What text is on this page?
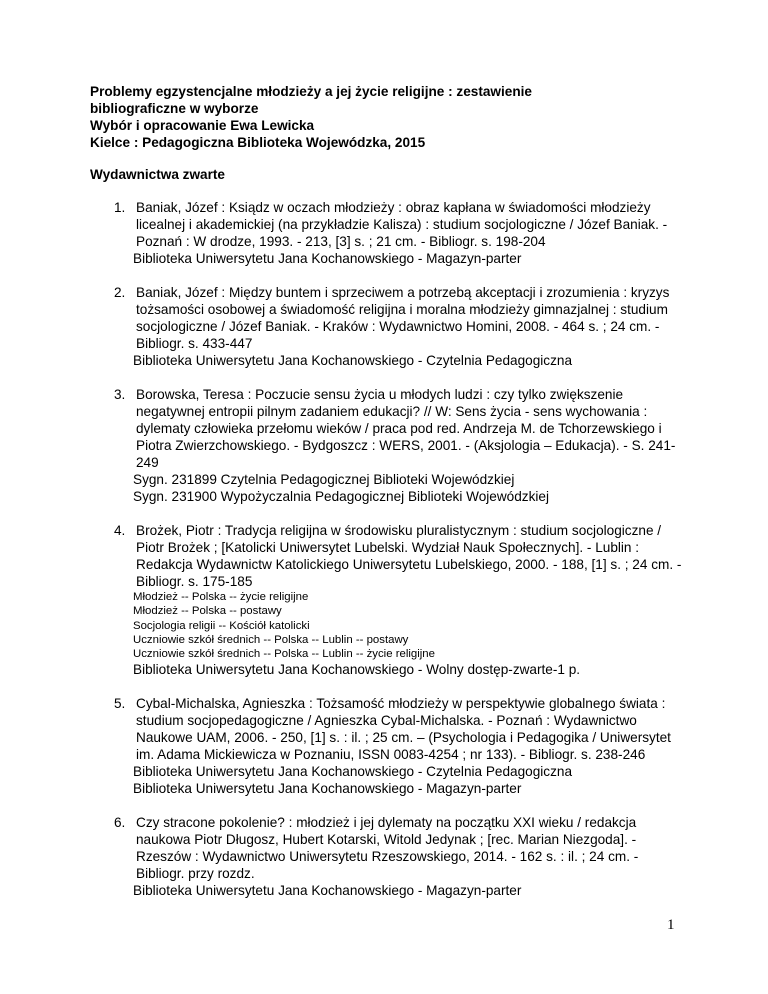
Problemy egzystencjalne młodzieży a jej życie religijne : zestawienie
bibliograficzne w wyborze
Wybór i opracowanie Ewa Lewicka
Kielce : Pedagogiczna Biblioteka Wojewódzka, 2015
Wydawnictwa zwarte
1. Baniak, Józef : Ksiądz w oczach młodzieży : obraz kapłana w świadomości młodzieży licealnej i akademickiej (na przykładzie Kalisza) : studium socjologiczne / Józef Baniak. - Poznań : W drodze, 1993. - 213, [3] s. ; 21 cm. - Bibliogr. s. 198-204
Biblioteka Uniwersytetu Jana Kochanowskiego - Magazyn-parter
2. Baniak, Józef : Między buntem i sprzeciwem a potrzebą akceptacji i zrozumienia : kryzys tożsamości osobowej a świadomość religijna i moralna młodzieży gimnazjalnej : studium socjologiczne / Józef Baniak. - Kraków : Wydawnictwo Homini, 2008. - 464 s. ; 24 cm. - Bibliogr. s. 433-447
Biblioteka Uniwersytetu Jana Kochanowskiego - Czytelnia Pedagogiczna
3. Borowska, Teresa : Poczucie sensu życia u młodych ludzi : czy tylko zwiększenie negatywnej entropii pilnym zadaniem edukacji? // W: Sens życia - sens wychowania : dylematy człowieka przełomu wieków / praca pod red. Andrzeja M. de Tchorzewskiego i Piotra Zwierzchowskiego. - Bydgoszcz : WERS, 2001. - (Aksjologia – Edukacja). - S. 241-249
Sygn. 231899 Czytelnia Pedagogicznej Biblioteki Wojewódzkiej
Sygn. 231900 Wypożyczalnia Pedagogicznej Biblioteki Wojewódzkiej
4. Brożek, Piotr : Tradycja religijna w środowisku pluralistycznym : studium socjologiczne / Piotr Brożek ; [Katolicki Uniwersytet Lubelski. Wydział Nauk Społecznych]. - Lublin : Redakcja Wydawnictw Katolickiego Uniwersytetu Lubelskiego, 2000. - 188, [1] s. ; 24 cm. - Bibliogr. s. 175-185
Młodzież -- Polska -- życie religijne
Młodzież -- Polska -- postawy
Socjologia religii -- Kościół katolicki
Uczniowie szkół średnich -- Polska -- Lublin -- postawy
Uczniowie szkół średnich -- Polska -- Lublin -- życie religijne
Biblioteka Uniwersytetu Jana Kochanowskiego - Wolny dostęp-zwarte-1 p.
5. Cybal-Michalska, Agnieszka : Tożsamość młodzieży w perspektywie globalnego świata : studium socjopedagogiczne / Agnieszka Cybal-Michalska. - Poznań : Wydawnictwo Naukowe UAM, 2006. - 250, [1] s. : il. ; 25 cm. – (Psychologia i Pedagogika / Uniwersytet im. Adama Mickiewicza w Poznaniu, ISSN 0083-4254 ; nr 133). - Bibliogr. s. 238-246
Biblioteka Uniwersytetu Jana Kochanowskiego - Czytelnia Pedagogiczna
Biblioteka Uniwersytetu Jana Kochanowskiego - Magazyn-parter
6. Czy stracone pokolenie? : młodzież i jej dylematy na początku XXI wieku / redakcja naukowa Piotr Długosz, Hubert Kotarski, Witold Jedynak ; [rec. Marian Niezgoda]. - Rzeszów : Wydawnictwo Uniwersytetu Rzeszowskiego, 2014. - 162 s. : il. ; 24 cm. - Bibliogr. przy rozdz.
Biblioteka Uniwersytetu Jana Kochanowskiego - Magazyn-parter
1
